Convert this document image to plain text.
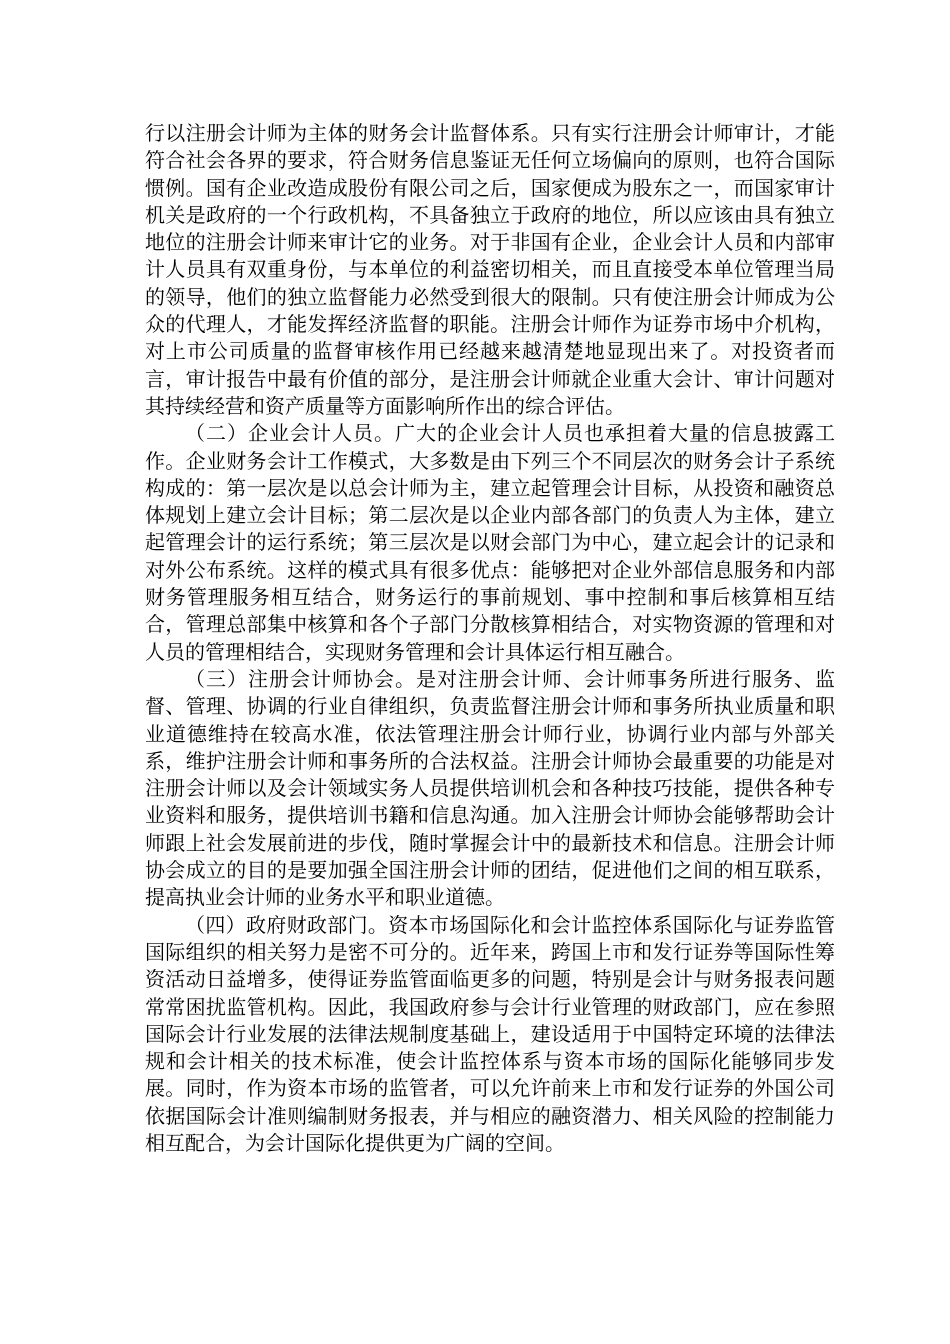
行以注册会计师为主体的财务会计监督体系。只有实行注册会计师审计，才能符合社会各界的要求，符合财务信息鉴证无任何立场偏向的原则，也符合国际惯例。国有企业改造成股份有限公司之后，国家便成为股东之一，而国家审计机关是政府的一个行政机构，不具备独立于政府的地位，所以应该由具有独立地位的注册会计师来审计它的业务。对于非国有企业，企业会计人员和内部审计人员具有双重身份，与本单位的利益密切相关，而且直接受本单位管理当局的领导，他们的独立监督能力必然受到很大的限制。只有使注册会计师成为公众的代理人，才能发挥经济监督的职能。注册会计师作为证券市场中介机构，对上市公司质量的监督审核作用已经越来越清楚地显现出来了。对投资者而言，审计报告中最有价值的部分，是注册会计师就企业重大会计、审计问题对其持续经营和资产质量等方面影响所作出的综合评估。

（二）企业会计人员。广大的企业会计人员也承担着大量的信息披露工作。企业财务会计工作模式，大多数是由下列三个不同层次的财务会计子系统构成的：第一层次是以总会计师为主，建立起管理会计目标，从投资和融资总体规划上建立会计目标；第二层次是以企业内部各部门的负责人为主体，建立起管理会计的运行系统；第三层次是以财会部门为中心，建立起会计的记录和对外公布系统。这样的模式具有很多优点：能够把对企业外部信息服务和内部财务管理服务相互结合，财务运行的事前规划、事中控制和事后核算相互结合，管理总部集中核算和各个子部门分散核算相结合，对实物资源的管理和对人员的管理相结合，实现财务管理和会计具体运行相互融合。

（三）注册会计师协会。是对注册会计师、会计师事务所进行服务、监督、管理、协调的行业自律组织，负责监督注册会计师和事务所执业质量和职业道德维持在较高水准，依法管理注册会计师行业，协调行业内部与外部关系，维护注册会计师和事务所的合法权益。注册会计师协会最重要的功能是对注册会计师以及会计领域实务人员提供培训机会和各种技巧技能，提供各种专业资料和服务，提供培训书籍和信息沟通。加入注册会计师协会能够帮助会计师跟上社会发展前进的步伐，随时掌握会计中的最新技术和信息。注册会计师协会成立的目的是要加强全国注册会计师的团结，促进他们之间的相互联系，提高执业会计师的业务水平和职业道德。

（四）政府财政部门。资本市场国际化和会计监控体系国际化与证券监管国际组织的相关努力是密不可分的。近年来，跨国上市和发行证券等国际性筹资活动日益增多，使得证券监管面临更多的问题，特别是会计与财务报表问题常常困扰监管机构。因此，我国政府参与会计行业管理的财政部门，应在参照国际会计行业发展的法律法规制度基础上，建设适用于中国特定环境的法律法规和会计相关的技术标准，使会计监控体系与资本市场的国际化能够同步发展。同时，作为资本市场的监管者，可以允许前来上市和发行证券的外国公司依据国际会计准则编制财务报表，并与相应的融资潜力、相关风险的控制能力相互配合，为会计国际化提供更为广阔的空间。
